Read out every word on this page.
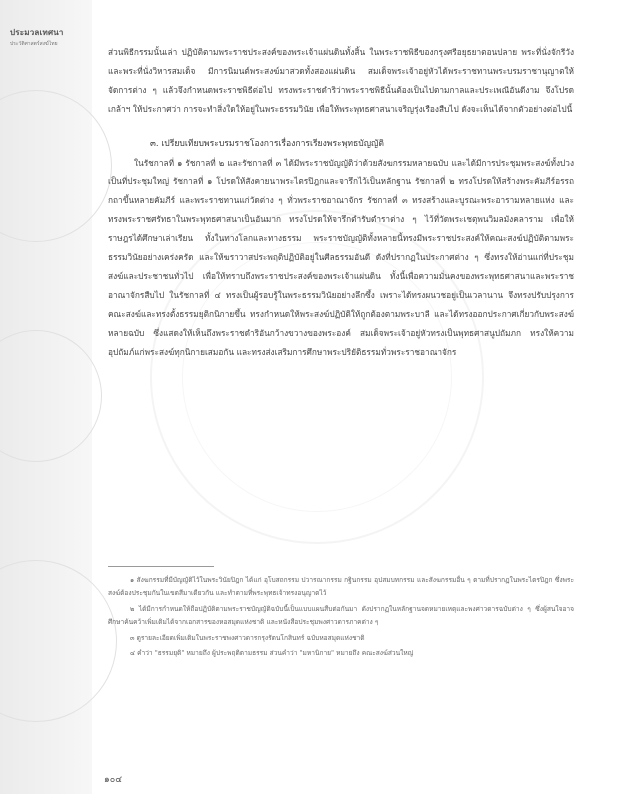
ประมวลเทศนา
ประวัติศาสตร์สงฆ์ไทย

ส่วนพิธีกรรมนั้นเล่า ปฏิบัติตามพระราชประสงค์ของพระเจ้าแผ่นดินทั้งสิ้น ในพระราชพิธีของกรุงศรีอยุธยาตอนปลาย พระที่นั่งจักรีวัง และพระที่นั่งวิหารสมเด็จ มีการนิมนต์พระสงฆ์มาสวดทั้งสองแผ่นดิน สมเด็จพระเจ้าอยู่หัวได้พระราชทานพระบรมราชานุญาตให้จัดการต่าง ๆ แล้วจึงกำหนดพระราชพิธีต่อไป ทรงพระราชดำริว่าพระราชพิธีนั้นต้องเป็นไปตามกาลและประเพณีอันดีงาม จึงโปรดเกล้าฯ ให้ประกาศว่า การจะทำสิ่งใดให้อยู่ในพระธรรมวินัย เพื่อให้พระพุทธศาสนาเจริญรุ่งเรืองสืบไป ดังจะเห็นได้จากตัวอย่างต่อไปนี้

๓. เปรียบเทียบพระบรมราชโองการเรื่องการเรียงพระพุทธบัญญัติ

ในรัชกาลที่ ๑ รัชกาลที่ ๒ และรัชกาลที่ ๓ ได้มีพระราชบัญญัติว่าด้วยสังฆกรรมหลายฉบับ และได้มีการประชุมพระสงฆ์ทั้งปวงเป็นที่ประชุมใหญ่ รัชกาลที่ ๑ โปรดให้สังคายนาพระไตรปิฎกและจารึกไว้เป็นหลักฐาน รัชกาลที่ ๒ ทรงโปรดให้สร้างพระคัมภีร์อรรถกถาขึ้นหลายคัมภีร์ และพระราชทานแก่วัดต่าง ๆ ทั่วพระราชอาณาจักร รัชกาลที่ ๓ ทรงสร้างและบูรณะพระอารามหลายแห่ง และทรงพระราชศรัทธาในพระพุทธศาสนาเป็นอันมาก ทรงโปรดให้จารึกตำรับตำราต่าง ๆ ไว้ที่วัดพระเชตุพนวิมลมังคลาราม เพื่อให้ราษฎรได้ศึกษาเล่าเรียน ทั้งในทางโลกและทางธรรม พระราชบัญญัติทั้งหลายนี้ทรงมีพระราชประสงค์ให้คณะสงฆ์ปฏิบัติตามพระธรรมวินัยอย่างเคร่งครัด และให้ฆราวาสประพฤติปฏิบัติอยู่ในศีลธรรมอันดี ดังที่ปรากฏในประกาศต่าง ๆ ซึ่งทรงให้อ่านแก่ที่ประชุมสงฆ์และประชาชนทั่วไป เพื่อให้ทราบถึงพระราชประสงค์ของพระเจ้าแผ่นดิน ทั้งนี้เพื่อความมั่นคงของพระพุทธศาสนาและพระราชอาณาจักรสืบไป ในรัชกาลที่ ๔ ทรงเป็นผู้รอบรู้ในพระธรรมวินัยอย่างลึกซึ้ง เพราะได้ทรงผนวชอยู่เป็นเวลานาน จึงทรงปรับปรุงการคณะสงฆ์และทรงตั้งธรรมยุติกนิกายขึ้น ทรงกำหนดให้พระสงฆ์ปฏิบัติให้ถูกต้องตามพระบาลี และได้ทรงออกประกาศเกี่ยวกับพระสงฆ์หลายฉบับ ซึ่งแสดงให้เห็นถึงพระราชดำริอันกว้างขวางของพระองค์ สมเด็จพระเจ้าอยู่หัวทรงเป็นพุทธศาสนูปถัมภก ทรงให้ความอุปถัมภ์แก่พระสงฆ์ทุกนิกายเสมอกัน และทรงส่งเสริมการศึกษาพระปริยัติธรรมทั่วพระราชอาณาจักร

๑ สังฆกรรมที่มีบัญญัติไว้ในพระวินัยปิฎก ได้แก่ อุโบสถกรรม ปวารณากรรม กฐินกรรม อุปสมบทกรรม และสังฆกรรมอื่น ๆ ตามที่ปรากฏในพระไตรปิฎก ซึ่งพระสงฆ์ต้องประชุมกันในเขตสีมาเดียวกัน และทำตามที่พระพุทธเจ้าทรงอนุญาตไว้

๒ ได้มีการกำหนดให้ถือปฏิบัติตามพระราชบัญญัติฉบับนี้เป็นแบบแผนสืบต่อกันมา ดังปรากฏในหลักฐานจดหมายเหตุและพงศาวดารฉบับต่าง ๆ ซึ่งผู้สนใจอาจศึกษาค้นคว้าเพิ่มเติมได้จากเอกสารของหอสมุดแห่งชาติ และหนังสือประชุมพงศาวดารภาคต่าง ๆ

๓ ดูรายละเอียดเพิ่มเติมในพระราชพงศาวดารกรุงรัตนโกสินทร์ ฉบับหอสมุดแห่งชาติ

๔ คำว่า "ธรรมยุติ" หมายถึง ผู้ประพฤติตามธรรม ส่วนคำว่า "มหานิกาย" หมายถึง คณะสงฆ์ส่วนใหญ่

๑๐๔
